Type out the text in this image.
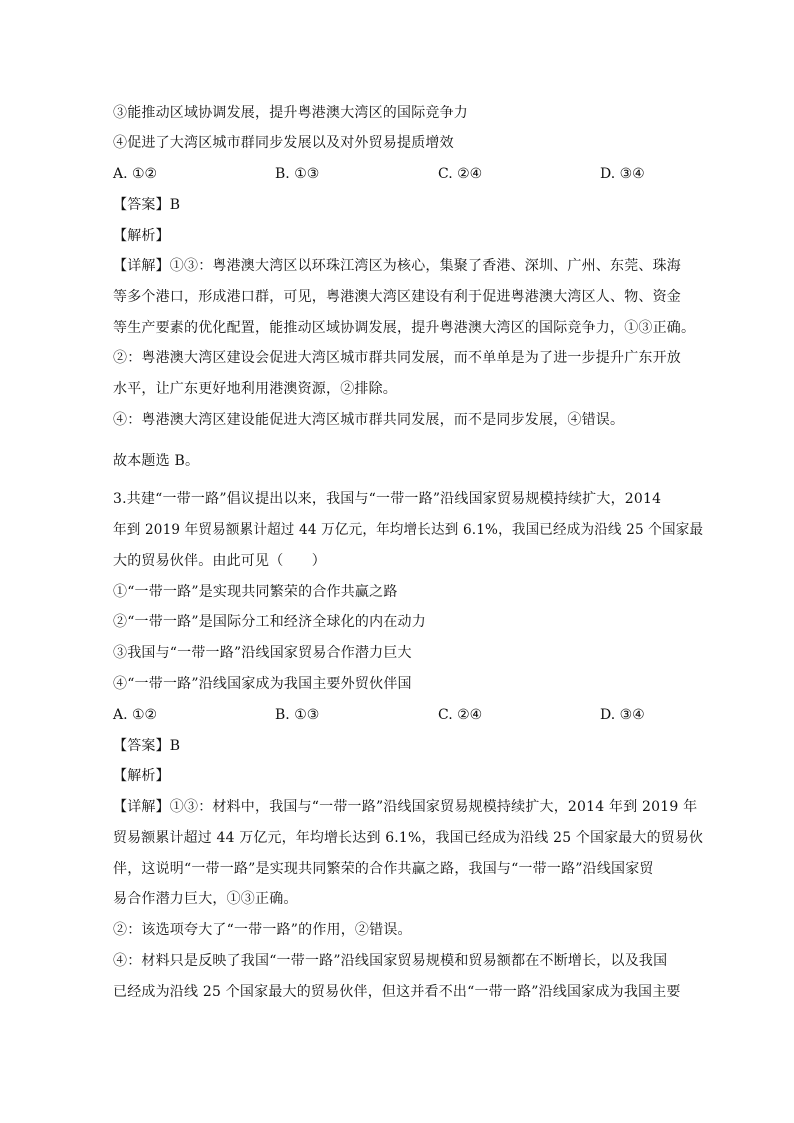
③能推动区域协调发展，提升粤港澳大湾区的国际竞争力
④促进了大湾区城市群同步发展以及对外贸易提质增效
A. ①②	B. ①③	C. ②④	D. ③④
【答案】B
【解析】
【详解】①③：粤港澳大湾区以环珠江湾区为核心，集聚了香港、深圳、广州、东莞、珠海
等多个港口，形成港口群，可见，粤港澳大湾区建设有利于促进粤港澳大湾区人、物、资金
等生产要素的优化配置，能推动区域协调发展，提升粤港澳大湾区的国际竞争力，①③正确。
②：粤港澳大湾区建设会促进大湾区城市群共同发展，而不单单是为了进一步提升广东开放
水平，让广东更好地利用港澳资源，②排除。
④：粤港澳大湾区建设能促进大湾区城市群共同发展，而不是同步发展，④错误。
故本题选 B。
3.共建“一带一路”倡议提出以来，我国与“一带一路”沿线国家贸易规模持续扩大，2014
年到 2019 年贸易额累计超过 44 万亿元，年均增长达到 6.1%，我国已经成为沿线 25 个国家最
大的贸易伙伴。由此可见（　　）
①“一带一路”是实现共同繁荣的合作共赢之路
②“一带一路”是国际分工和经济全球化的内在动力
③我国与“一带一路”沿线国家贸易合作潜力巨大
④“一带一路”沿线国家成为我国主要外贸伙伴国
A. ①②	B. ①③	C. ②④	D. ③④
【答案】B
【解析】
【详解】①③：材料中，我国与“一带一路”沿线国家贸易规模持续扩大，2014 年到 2019 年
贸易额累计超过 44 万亿元，年均增长达到 6.1%，我国已经成为沿线 25 个国家最大的贸易伙
伴，这说明“一带一路”是实现共同繁荣的合作共赢之路，我国与“一带一路”沿线国家贸
易合作潜力巨大，①③正确。
②：该选项夸大了“一带一路”的作用，②错误。
④：材料只是反映了我国“一带一路”沿线国家贸易规模和贸易额都在不断增长，以及我国
已经成为沿线 25 个国家最大的贸易伙伴，但这并看不出“一带一路”沿线国家成为我国主要
